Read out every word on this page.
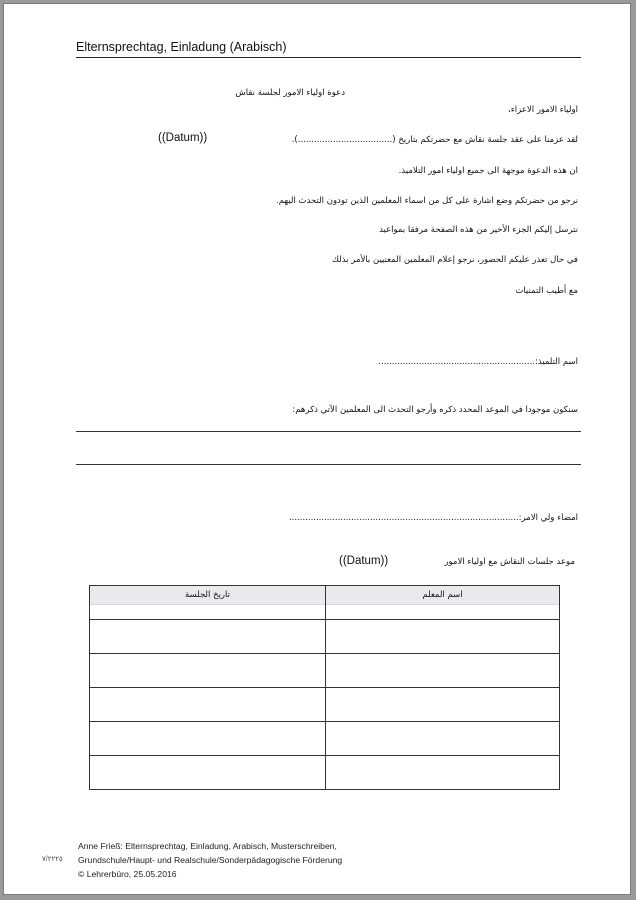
Elternsprechtag, Einladung (Arabisch)
دعوة اولياء الامور لجلسة نقاش
اولياء الامور الاعزاء،
لقد عزمنا على عقد جلسة نقاش مع حضرتكم بتاريخ (...................................).
((Datum))
ان هذه الدعوة موجهة الى جميع اولياء امور التلاميذ.
نرجو من حضرتكم وضع اشارة على كل من اسماء المعلمين الذين تودون التحدث اليهم.
نترسل إليكم الجزء الأخير من هذه الصفحة مرفقا بمواعيد
في حال تعذر عليكم الحضور، نرجو إعلام المعلمين المعنيين بالأمر بذلك
مع أطيب التمنيات
اسم التلميذ:..........................................................
سنكون موجودا في الموعد المحدد ذكره وأرجو التحدث الى المعلمين الآتي ذكرهم:
امضاء ولي الامر:.....................................................................................
موعد جلسات النقاش مع اولياء الامور
((Datum))
تاريخ الجلسة	اسم المعلم

Anne Frieß: Elternsprechtag, Einladung, Arabisch, Musterschreiben,
Grundschule/Haupt- und Realschule/Sonderpädagogische Förderung
© Lehrerbüro, 25.05.2016
٧/٢٢٢٥
